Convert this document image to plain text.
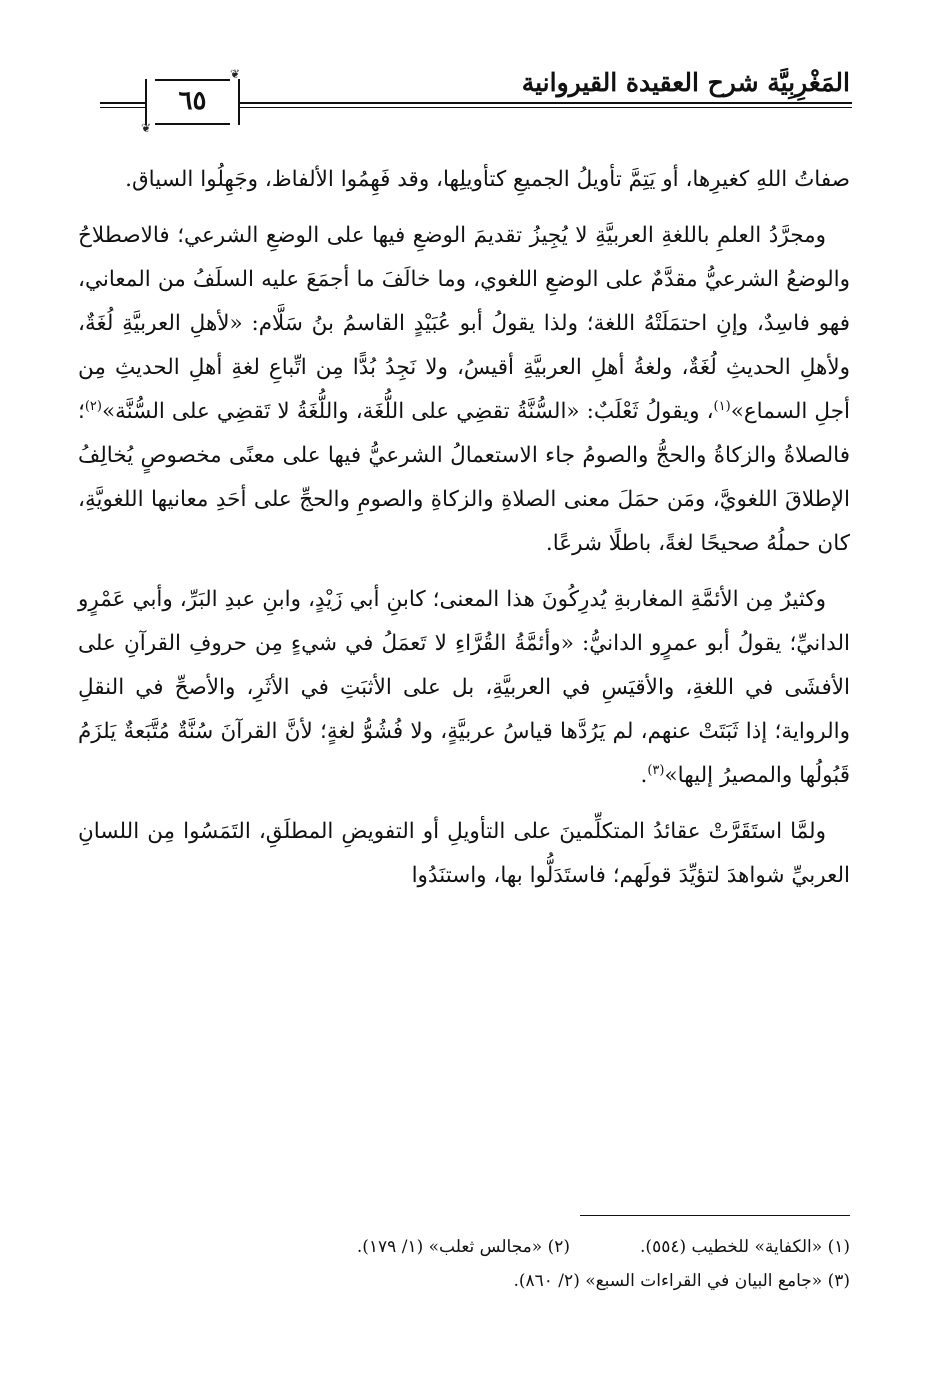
المَغْرِبِيَّة شرح العقيدة القيروانية
❦
❦
٦٥

صفاتُ اللهِ كغيرِها، أو يَتِمَّ تأويلُ الجميعِ كتأويلِها، وقد فَهِمُوا الألفاظ، وجَهِلُوا السياق.

ومجرَّدُ العلمِ باللغةِ العربيَّةِ لا يُجِيزُ تقديمَ الوضعِ فيها على الوضعِ الشرعي؛ فالاصطلاحُ والوضعُ الشرعيُّ مقدَّمٌ على الوضعِ اللغوي، وما خالَفَ ما أجمَعَ عليه السلَفُ من المعاني، فهو فاسِدٌ، وإنِ احتمَلَتْهُ اللغة؛ ولذا يقولُ أبو عُبَيْدٍ القاسمُ بنُ سَلَّام: «لأهلِ العربيَّةِ لُغَةٌ، ولأهلِ الحديثِ لُغَةٌ، ولغةُ أهلِ العربيَّةِ أقيسُ، ولا نَجِدُ بُدًّا مِن اتِّباعِ لغةِ أهلِ الحديثِ مِن أجلِ السماع»$^{(١)}$، ويقولُ ثَعْلَبٌ: «السُّنَّةُ تقضِي على اللُّغَة، واللُّغَةُ لا تَقضِي على السُّنَّة»$^{(٢)}$؛ فالصلاةُ والزكاةُ والحجُّ والصومُ جاء الاستعمالُ الشرعيُّ فيها على معنًى مخصوصٍ يُخالِفُ الإطلاقَ اللغويَّ، ومَن حمَلَ معنى الصلاةِ والزكاةِ والصومِ والحجِّ على أحَدِ معانيها اللغويَّةِ، كان حملُهُ صحيحًا لغةً، باطلًا شرعًا.

وكثيرٌ مِن الأئمَّةِ المغاربةِ يُدرِكُونَ هذا المعنى؛ كابنِ أبي زَيْدٍ، وابنِ عبدِ البَرِّ، وأبي عَمْرٍو الدانيِّ؛ يقولُ أبو عمرٍو الدانيُّ: «وأئمَّةُ القُرَّاءِ لا تَعمَلُ في شيءٍ مِن حروفِ القرآنِ على الأفشَى في اللغةِ، والأقيَسِ في العربيَّةِ، بل على الأثبَتِ في الأثَرِ، والأصحِّ في النقلِ والرواية؛ إذا ثَبَتَتْ عنهم، لم يَرُدَّها قياسُ عربيَّةٍ، ولا فُشُوُّ لغةٍ؛ لأنَّ القرآنَ سُنَّةٌ مُتَّبَعةٌ يَلزَمُ قَبُولُها والمصيرُ إليها»$^{(٣)}$.

ولمَّا استَقَرَّتْ عقائدُ المتكلِّمينَ على التأويلِ أو التفويضِ المطلَقِ، التَمَسُوا مِن اللسانِ العربيِّ شواهدَ لتؤيِّدَ قولَهم؛ فاستَدَلُّوا بها، واستنَدُوا

(١) «الكفاية» للخطيب (٥٥٤).(٢) «مجالس ثعلب» (١/ ١٧٩).
(٣) «جامع البيان في القراءات السبع» (٢/ ٨٦٠).
